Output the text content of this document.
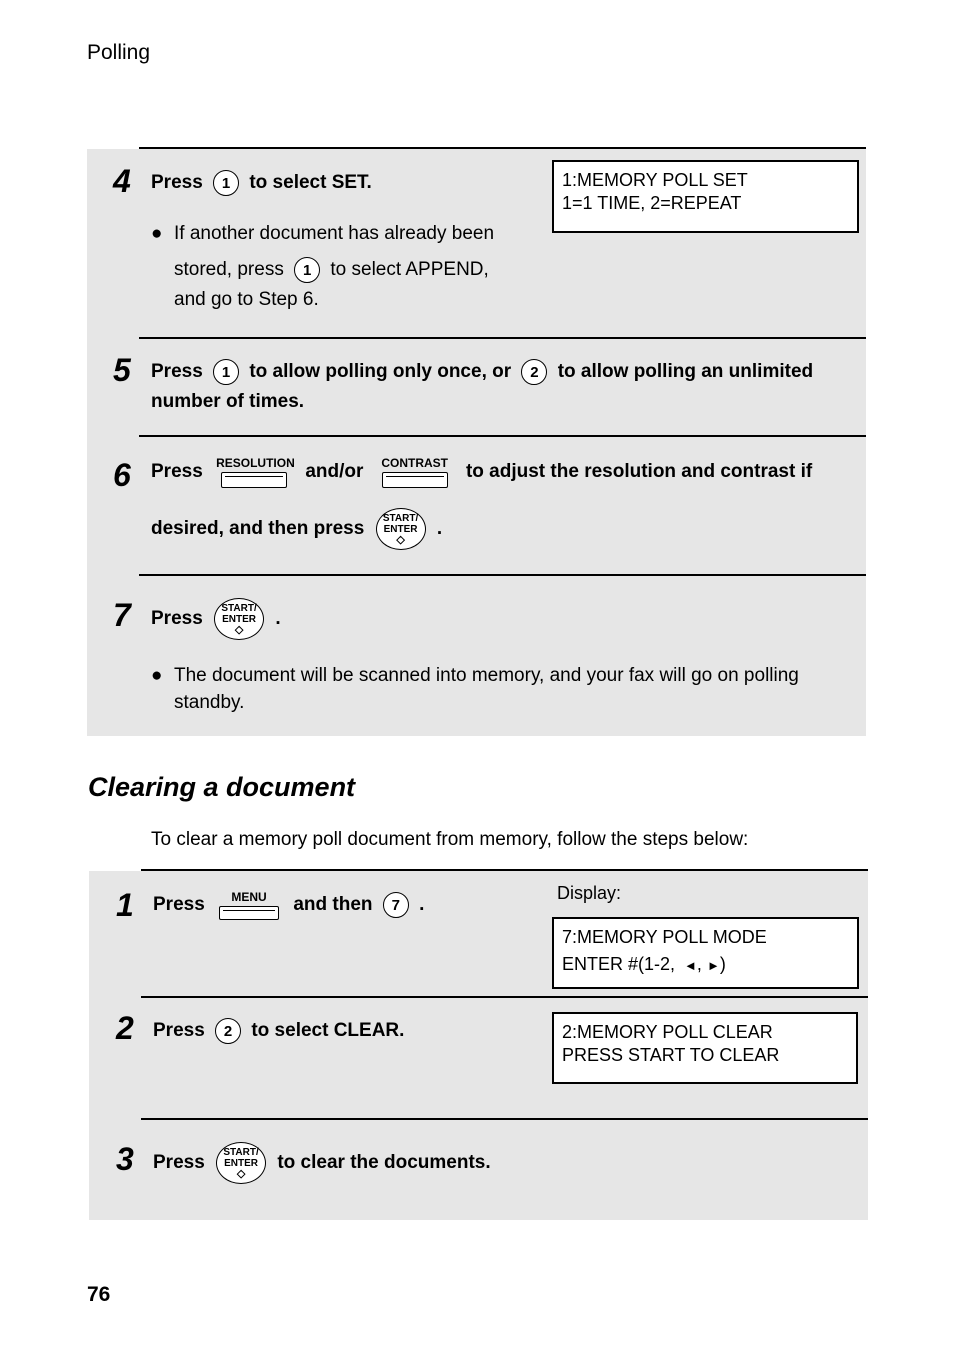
Polling
4 Press 1 to select SET.
● If another document has already been
stored, press 1 to select APPEND,
and go to Step 6.
1:MEMORY POLL SET
1=1 TIME, 2=REPEAT
5 Press 1 to allow polling only once, or 2 to allow polling an unlimited
number of times.
6 Press RESOLUTION and/or	CONTRAST to adjust the resolution and contrast if
desired, and then press	START/
ENTER
◇
.
7 Press	START/
ENTER
◇
.
● The document will be scanned into memory, and your fax will go on polling
standby.
Clearing a document
To clear a memory poll document from memory, follow the steps below:
1 Press	MENU	and then 7 .
Display:
7:MEMORY POLL MODE
ENTER #(1-2, ◄, ►)
2 Press 2 to select CLEAR.	2:MEMORY POLL CLEAR
PRESS START TO CLEAR
3 Press	START/
ENTER
◇
to clear the documents.
76
